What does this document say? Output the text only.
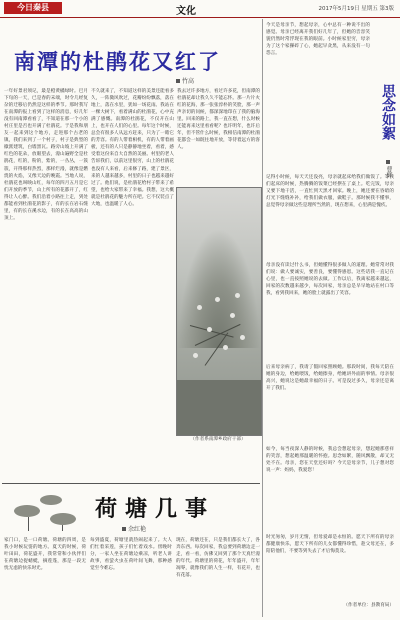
今日秦县	文化	2017年5月19日 星期五 第3版
南潭的杜鹃花又红了
竹高
一年好景君须记，最是橙黄橘绿时。巴月下旬的一天，已是春的末端，时令几经复杂的迁移后仍然是这样的季节。那时我写在南潭的报上看到了这样的消息，好几年没有回南潭看看了，不知道在那一个小的村庄里是否也开满了杜鹃花。于是我和朋友一起来到这个地方，走进那个古老的镇，我们来到了一个村子，村子是典型的徽派建筑，白墙黑瓦。路旁山坡上开满了红色的花朵，放眼望去，漫山遍野全是杜鹃花，红的，粉的，紫的，一丛丛，一簇簇，开得那样热烈，那样烂漫，就像是燃烧的火焰，又像天边的晚霞。当地人说，杜鹃花也叫映山红，每年的四月五月是它们开放的季节，山上所有的花都开了，红得让人心醉。我们沿着小路往上走，到处都能看到杜鹃花的影子，有的长在岩石缝里，有的长在溪水边，有的长在高高的山顶上。
不久就来了，不知道这样的美景还能看多久，一阵微风吹过，花瓣纷纷飘落，落在地上，落在水里，犹如一场花雨。我站在一棵大树下，看着满山的杜鹃花，心中充满了感慨。南潭的杜鹃花，不仅开在山上，也开在人们的心里。每年这个时候，总会有很多人从远方赶来，只为了一睹它的芳容。有的人带着相机，有的人带着画板，还有的人只是静静地坐着，看着，感受着这份来自大自然的美丽。村里的老人告诉我们，以前这里很穷，山上的杜鹃花也没有人来看，后来修了路，建了景区，来的人越来越多，村里的日子也越来越好过了。他们说，是杜鹃花给村子带来了希望，也给大家带来了幸福。我想，这大概就是杜鹃花的魅力所在吧。它不仅装点了大地，也温暖了人心。
我去过许多地方，看过许多花，但南潭的杜鹃花却让我久久不能忘怀。那一片片火红的花海，那一张张淳朴的笑脸，那一声声亲切的问候，都深深地印在了我的脑海里。回来的路上，我一直在想，什么时候还能再来这里看看呢？也许明年，也许后年，但不管什么时候，我相信南潭的杜鹃花都会一如既往地开放，等待着远方的客人。
（作者系南潭乡政府干部）
荷塘几事
余红艳
家门口，是一口荷塘。荷塘的四周，是我小时候玩耍的地方。夏天的时候，荷叶田田，荷花盛开，我常常和小伙伴们在荷塘边捉蜻蜓，摘莲蓬，那是一段无忧无虑的快乐时光。
每到盛夏，荷塘里就热闹起来了。大人们忙着采莲，孩子们忙着戏水。傍晚时分，一家人坐在荷塘边乘凉，听老人讲故事，看萤火虫在荷叶间飞舞，那种感觉至今难忘。
现在，荷塘还在，只是我们都长大了，各奔东西。每次回家，我总要到荷塘边走一走，看一看，仿佛又回到了那个天真烂漫的年代。荷塘里的荷花，年年盛开，年年凋零，就像我们的人生一样，有花开，也有花落。
思念如絮
曹辉
今天是母亲节，想起母亲，心中总有一种说不出的感觉。母亲已经离开我们好几年了，但她的音容笑貌仍然时常浮现在我的眼前。小时候家里穷，母亲为了这个家操碎了心，她起早贪黑，从来没有一句怨言。
记得小时候，每天天还没亮，母亲就起床给我们做饭了。等我们起床的时候，热腾腾的饭菜已经摆在了桌上。吃完饭，母亲又要下地干活，一直忙到天黑才回家。晚上，她还要在昏暗的灯光下缝缝补补，给我们做衣服，做鞋子。那时候我不懂事，总觉得母亲做这些是理所当然的，现在想来，心里满是愧疚。
母亲没有读过什么书，但她懂得很多做人的道理。她常常对我们说：做人要诚实，要善良，要懂得感恩。这些话我一直记在心里，也一直按照她说的去做。工作以后，我离家越来越远，回家的次数越来越少，每次回家，母亲总是早早地站在村口等我，看到我回来，她的脸上就露出了笑容。
后来母亲病了，我请了假回家照顾她。那段时间，我每天陪在她的身边，给她喂饭，给她擦身，给她讲外面的事情。母亲很高兴，她说这是她最幸福的日子。可是没过多久，母亲还是离开了我们。
如今，每当夜深人静的时候，我总会想起母亲，想起她那慈祥的笑容，想起她那温暖的怀抱。思念如絮，随风飘散，却又无处不在。母亲，您在天堂还好吗？今天是母亲节，儿子想对您说一声：妈妈，我爱您！
时光匆匆，岁月无情，但母爱却是永恒的。愿天下所有的母亲都健康快乐，愿天下所有的儿女都懂得珍惜，趁父母还在，多陪陪他们，不要等到失去了才后悔莫及。
（作者单位：县教育局）
